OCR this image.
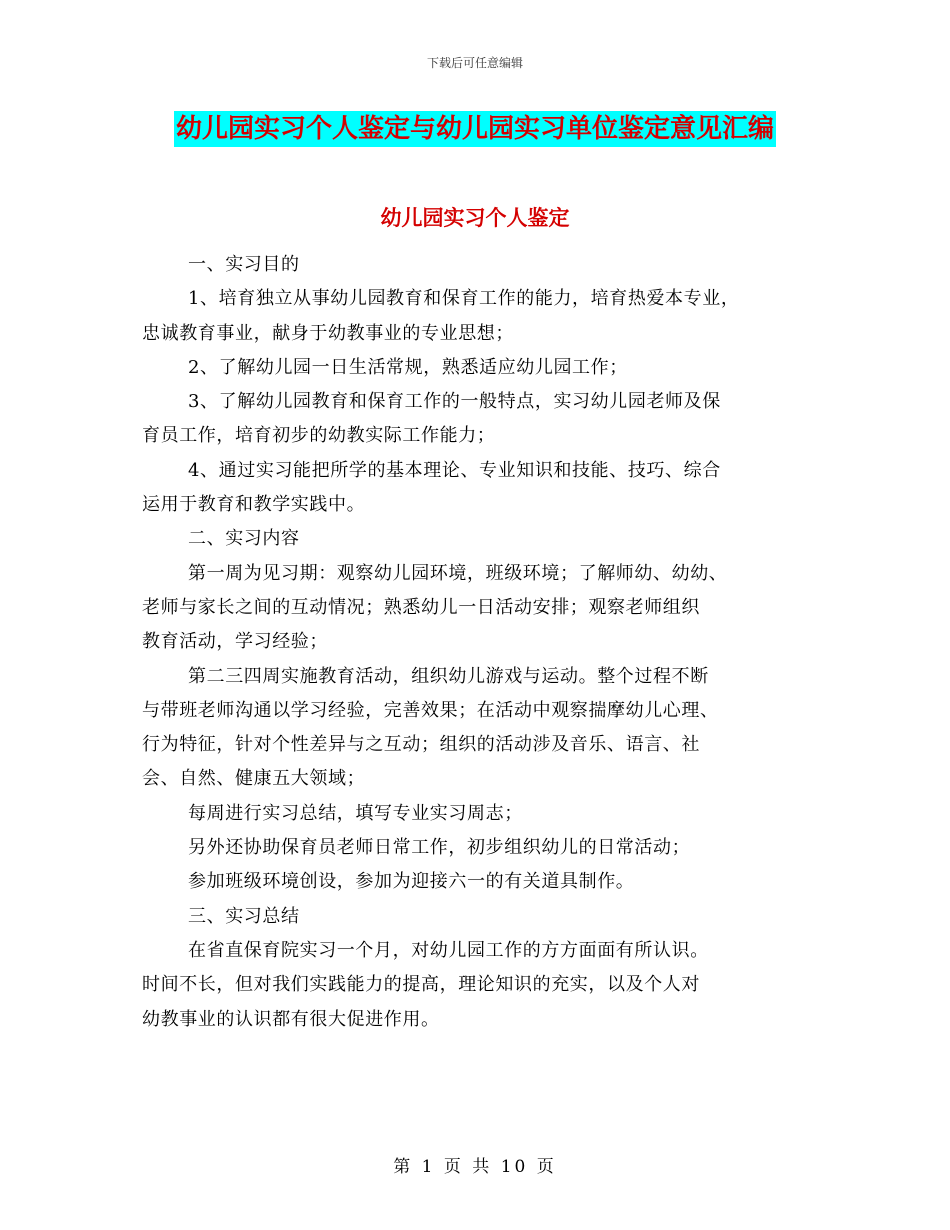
下载后可任意编辑
幼儿园实习个人鉴定与幼儿园实习单位鉴定意见汇编
幼儿园实习个人鉴定
一、实习目的
1、培育独立从事幼儿园教育和保育工作的能力，培育热爱本专业，
忠诚教育事业，献身于幼教事业的专业思想；
2、了解幼儿园一日生活常规，熟悉适应幼儿园工作；
3、了解幼儿园教育和保育工作的一般特点，实习幼儿园老师及保
育员工作，培育初步的幼教实际工作能力；
4、通过实习能把所学的基本理论、专业知识和技能、技巧、综合
运用于教育和教学实践中。
二、实习内容
第一周为见习期：观察幼儿园环境，班级环境；了解师幼、幼幼、
老师与家长之间的互动情况；熟悉幼儿一日活动安排；观察老师组织
教育活动，学习经验；
第二三四周实施教育活动，组织幼儿游戏与运动。整个过程不断
与带班老师沟通以学习经验，完善效果；在活动中观察揣摩幼儿心理、
行为特征，针对个性差异与之互动；组织的活动涉及音乐、语言、社
会、自然、健康五大领域；
每周进行实习总结，填写专业实习周志；
另外还协助保育员老师日常工作，初步组织幼儿的日常活动；
参加班级环境创设，参加为迎接六一的有关道具制作。
三、实习总结
在省直保育院实习一个月，对幼儿园工作的方方面面有所认识。
时间不长，但对我们实践能力的提高，理论知识的充实，以及个人对
幼教事业的认识都有很大促进作用。
第 1 页 共 10 页
